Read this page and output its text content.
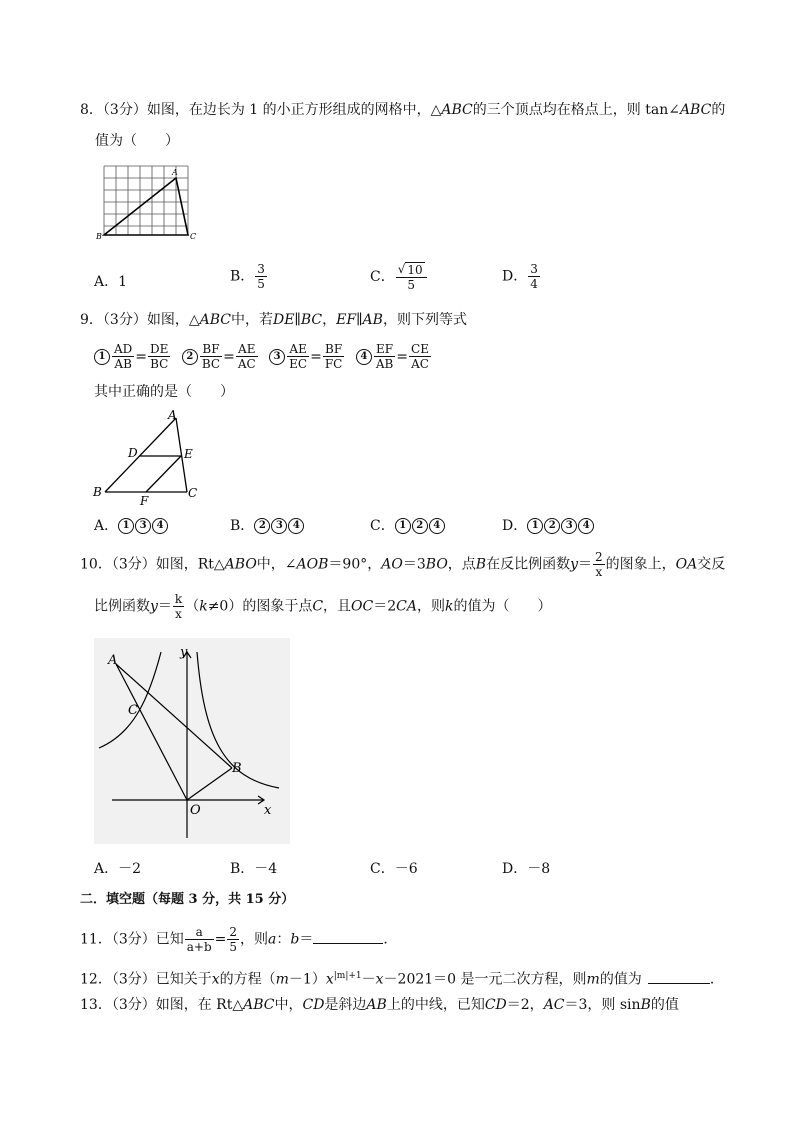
8．（3分）如图，在边长为 1 的小正方形组成的网格中，△ABC的三个顶点均在格点上，则 tan∠ABC的
值为（　　）
A
B	C
A．1	B． $\frac{3}{5}$	C． $\frac{√ 10}{5}$	D． $\frac{3}{4}$
9．（3分）如图，△ABC中，若DE∥BC，EF∥AB，则下列等式
$1 \frac{AD}{AB} = \frac{DE}{BC} 2 \frac{BF}{BC} = \frac{AE}{AC} 3 \frac{AE}{EC} = \frac{BF}{FC} 4 \frac{EF}{AB} = \frac{CE}{AC}$
其中正确的是（　　）
A
D	E
B	C
F
A． 1 3 4	B． 2 3 4	C． 1 2 4	D． 1 2 3 4
10．（3分）如图，Rt△ABO中，∠AOB＝90°，AO＝3BO，点B在反比例函数$y= \frac{2}{x}$ 的图象上，OA交反
比例函数$y= \frac{k}{x} (k\ne 0)$的图象于点C，且OC＝2CA，则k的值为（　　）
A
C
B
O	x
y
A．－2	B．－4	C．－6	D．－8
二．填空题（每题 3 分，共 15 分）
11．（3分）已知 $\frac{a}{a+b} = \frac{2}{5}$ ，则a：b＝	．
12．（3分）已知关于x的方程$(m-1)x^{|m|+1}-x-2021=0$ 是一元二次方程，则m的值为	．
13．（3分）如图，在 Rt△ABC中，CD是斜边AB上的中线，已知CD＝2，AC＝3，则 sinB的值
